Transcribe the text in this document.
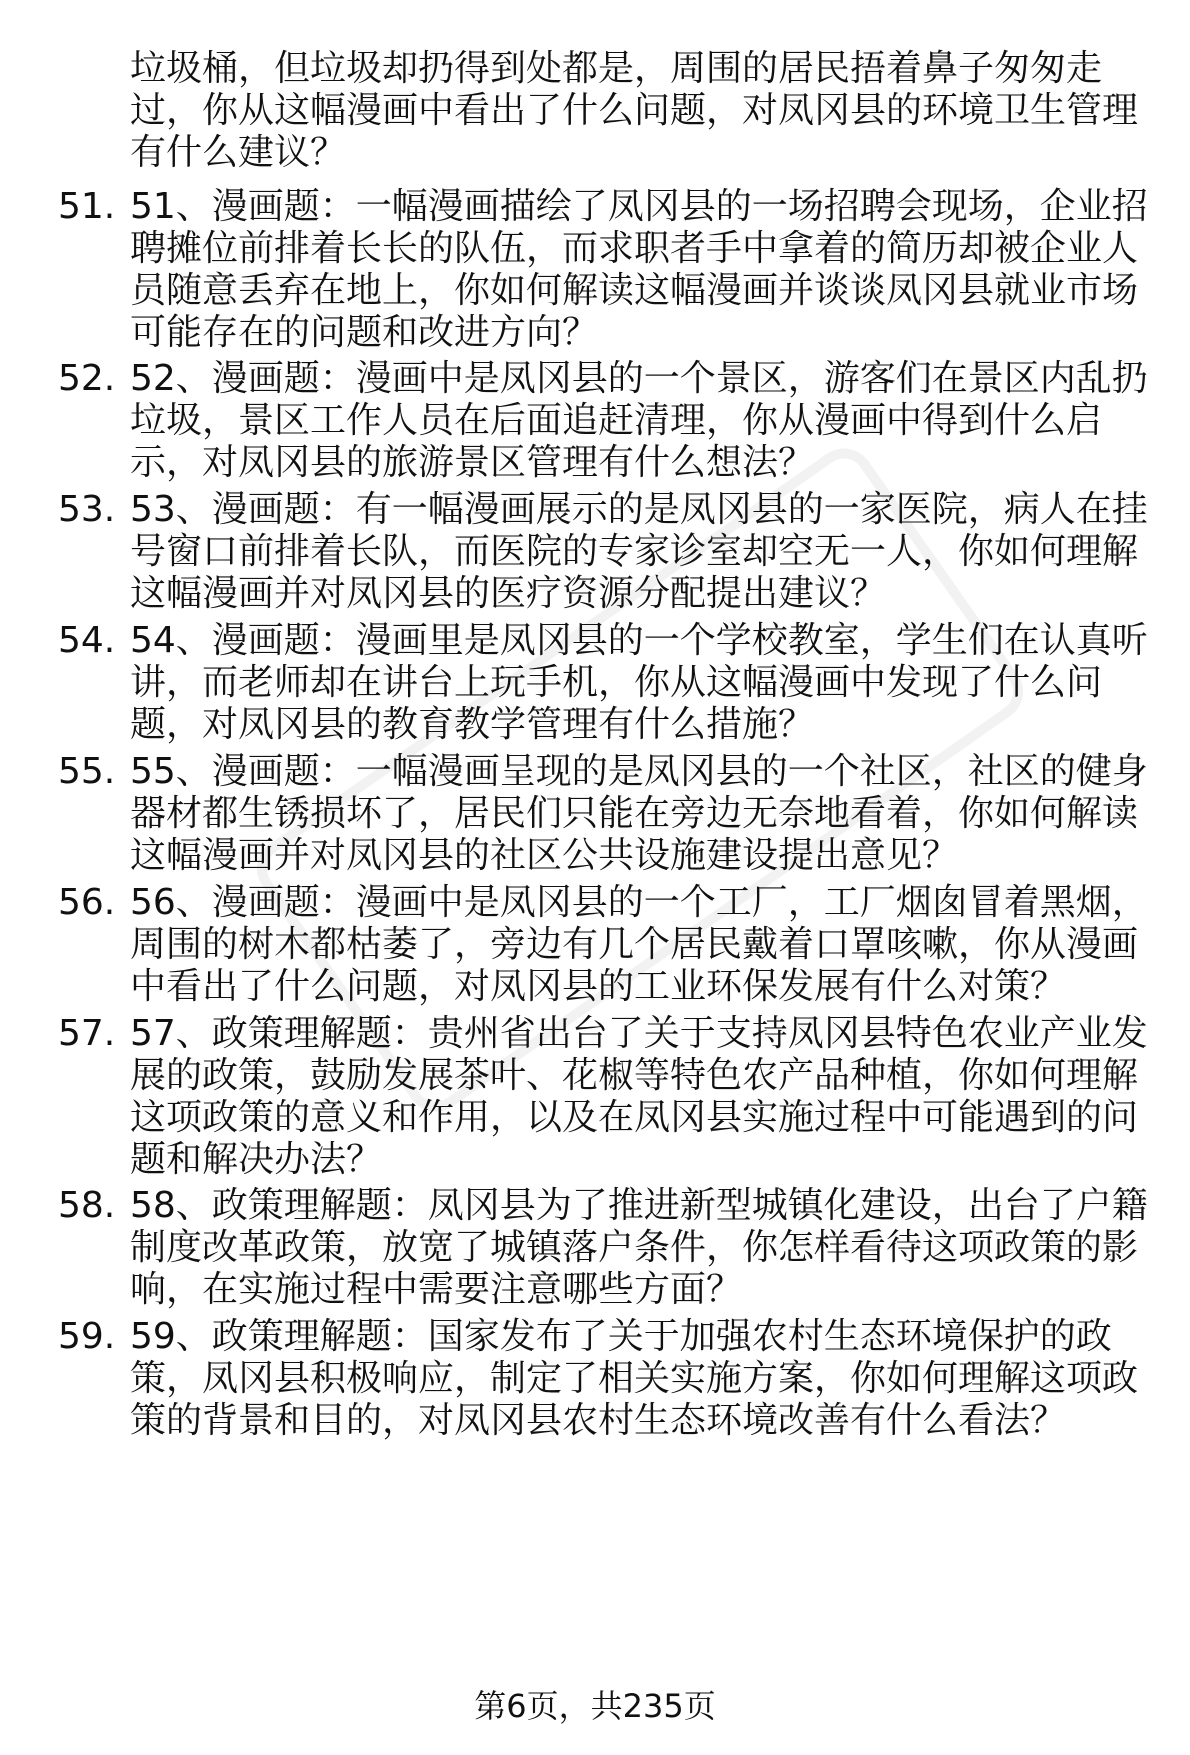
垃圾桶，但垃圾却扔得到处都是，周围的居民捂着鼻子匆匆走过，你从这幅漫画中看出了什么问题，对凤冈县的环境卫生管理有什么建议？

51. 51、漫画题：一幅漫画描绘了凤冈县的一场招聘会现场，企业招聘摊位前排着长长的队伍，而求职者手中拿着的简历却被企业人员随意丢弃在地上，你如何解读这幅漫画并谈谈凤冈县就业市场可能存在的问题和改进方向？

52. 52、漫画题：漫画中是凤冈县的一个景区，游客们在景区内乱扔垃圾，景区工作人员在后面追赶清理，你从漫画中得到什么启示，对凤冈县的旅游景区管理有什么想法？

53. 53、漫画题：有一幅漫画展示的是凤冈县的一家医院，病人在挂号窗口前排着长队，而医院的专家诊室却空无一人，你如何理解这幅漫画并对凤冈县的医疗资源分配提出建议？

54. 54、漫画题：漫画里是凤冈县的一个学校教室，学生们在认真听讲，而老师却在讲台上玩手机，你从这幅漫画中发现了什么问题，对凤冈县的教育教学管理有什么措施？

55. 55、漫画题：一幅漫画呈现的是凤冈县的一个社区，社区的健身器材都生锈损坏了，居民们只能在旁边无奈地看着，你如何解读这幅漫画并对凤冈县的社区公共设施建设提出意见？

56. 56、漫画题：漫画中是凤冈县的一个工厂，工厂烟囱冒着黑烟，周围的树木都枯萎了，旁边有几个居民戴着口罩咳嗽，你从漫画中看出了什么问题，对凤冈县的工业环保发展有什么对策？

57. 57、政策理解题：贵州省出台了关于支持凤冈县特色农业产业发展的政策，鼓励发展茶叶、花椒等特色农产品种植，你如何理解这项政策的意义和作用，以及在凤冈县实施过程中可能遇到的问题和解决办法？

58. 58、政策理解题：凤冈县为了推进新型城镇化建设，出台了户籍制度改革政策，放宽了城镇落户条件，你怎样看待这项政策的影响，在实施过程中需要注意哪些方面？

59. 59、政策理解题：国家发布了关于加强农村生态环境保护的政策，凤冈县积极响应，制定了相关实施方案，你如何理解这项政策的背景和目的，对凤冈县农村生态环境改善有什么看法？

第6页，共235页
